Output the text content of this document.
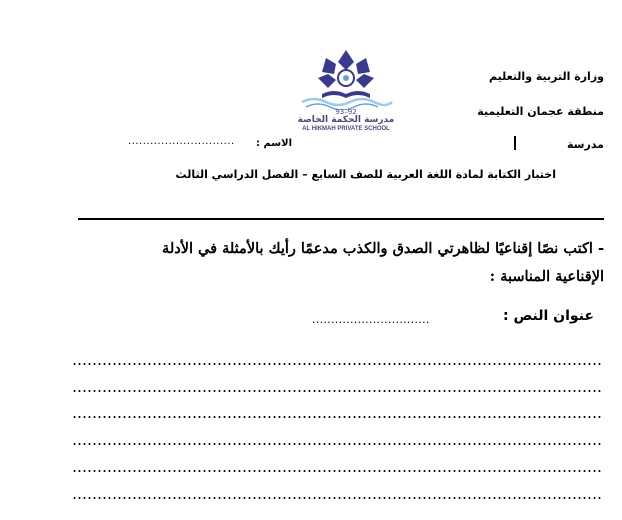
وزارة التربية والتعليم
منطقة عجمان التعليمية
مدرسة
الاسم :
.............................
93–92
مدرسة الحكمة الخاصة
AL HIKMAH PRIVATE SCHOOL
اختبار الكتابة لمادة اللغة العربية للصف السابع – الفصل الدراسي الثالث
- اكتب نصًا إقناعيًا لظاهرتي الصدق والكذب مدعمًا رأيك بالأمثلة في الأدلة
الإقناعية المناسبة :
عنوان النص :
...............................
